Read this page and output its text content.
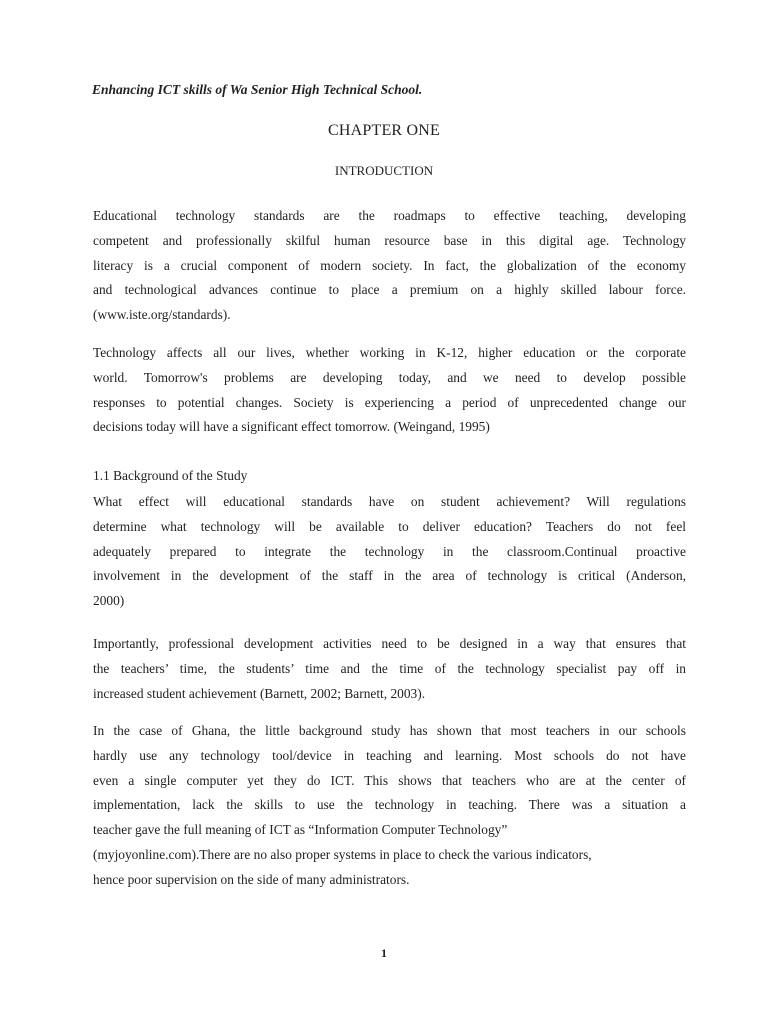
Enhancing ICT skills of Wa Senior High Technical School.
CHAPTER ONE
INTRODUCTION

Educational technology standards are the roadmaps to effective teaching, developing
competent and professionally skilful human resource base in this digital age. Technology
literacy is a crucial component of modern society. In fact, the globalization of the economy
and technological advances continue to place a premium on a highly skilled labour force.
(www.iste.org/standards).

Technology affects all our lives, whether working in K-12, higher education or the corporate
world. Tomorrow's problems are developing today, and we need to develop possible
responses to potential changes. Society is experiencing a period of unprecedented change our
decisions today will have a significant effect tomorrow. (Weingand, 1995)

1.1 Background of the Study

What effect will educational standards have on student achievement? Will regulations
determine what technology will be available to deliver education? Teachers do not feel
adequately prepared to integrate the technology in the classroom.Continual proactive
involvement in the development of the staff in the area of technology is critical (Anderson,
2000)

Importantly, professional development activities need to be designed in a way that ensures that
the teachers’ time, the students’ time and the time of the technology specialist pay off in
increased student achievement (Barnett, 2002; Barnett, 2003).

In the case of Ghana, the little background study has shown that most teachers in our schools
hardly use any technology tool/device in teaching and learning. Most schools do not have
even a single computer yet they do ICT. This shows that teachers who are at the center of
implementation, lack the skills to use the technology in teaching. There was a situation a
teacher gave the full meaning of ICT as “Information Computer Technology”
(myjoyonline.com).There are no also proper systems in place to check the various indicators,
hence poor supervision on the side of many administrators.

1
